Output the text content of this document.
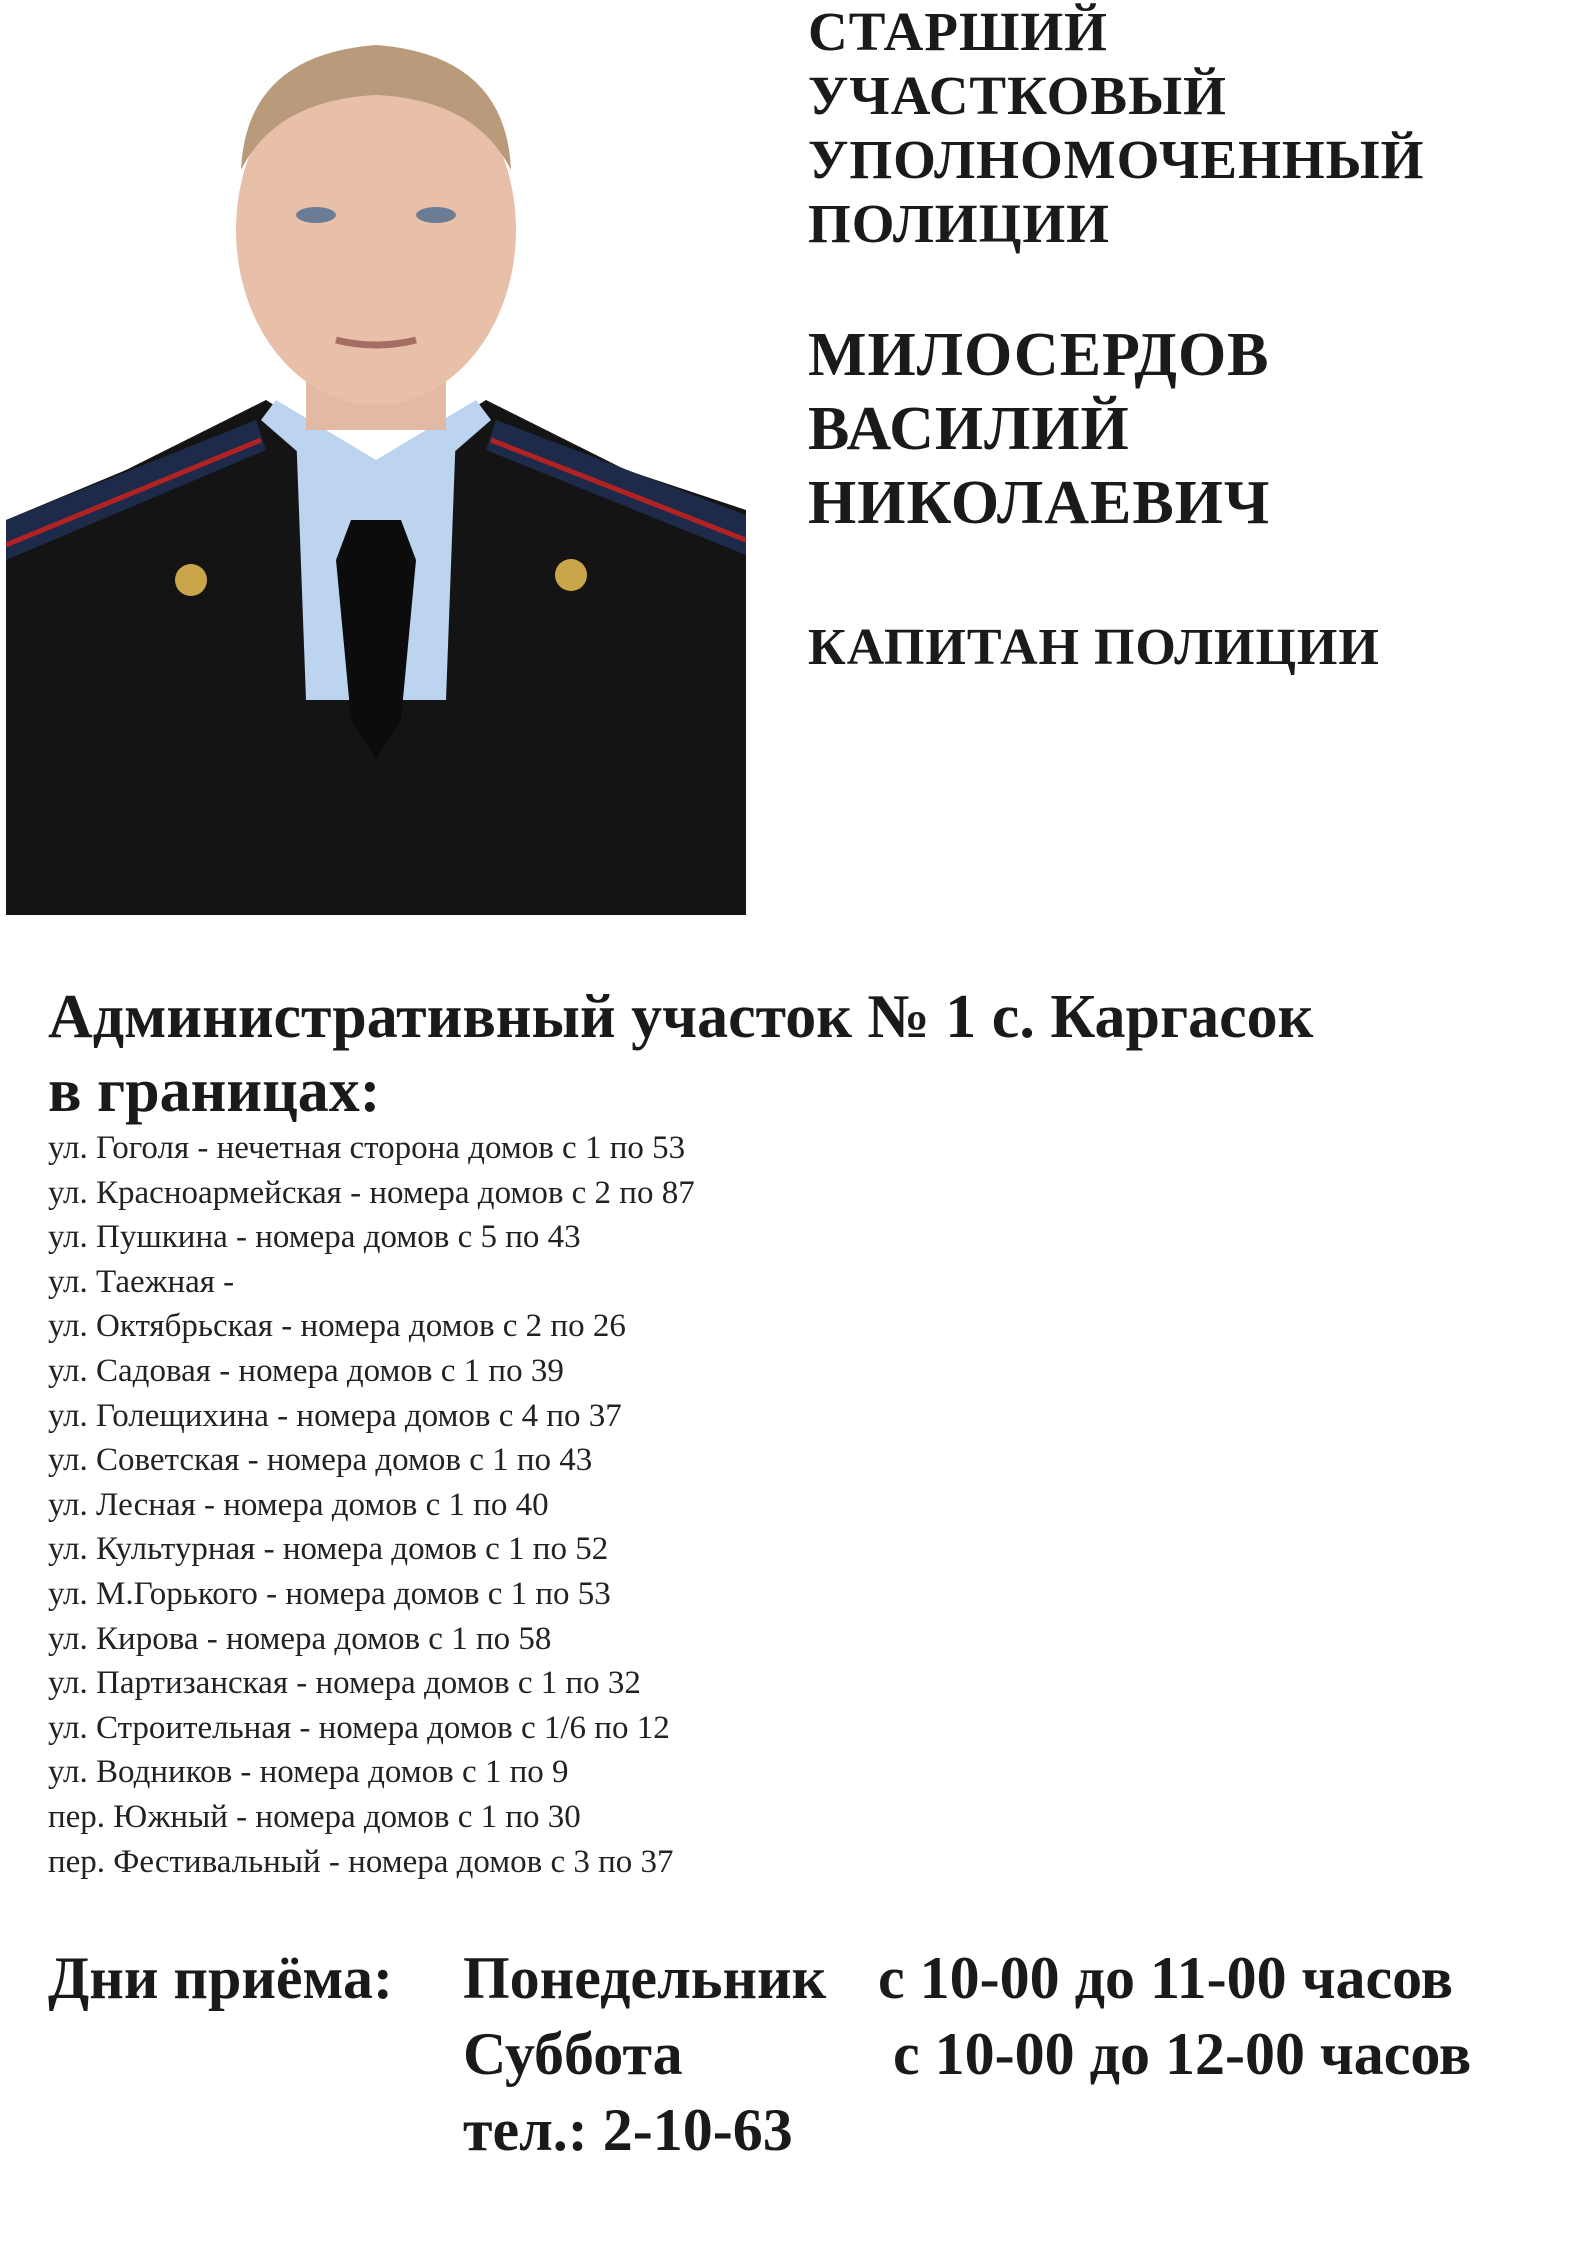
СТАРШИЙ

УЧАСТКОВЫЙ

УПОЛНОМОЧЕННЫЙ

ПОЛИЦИИ

МИЛОСЕРДОВ
ВАСИЛИЙ
НИКОЛАЕВИЧ
КАПИТАН ПОЛИЦИИ
Административный участок № 1 с. Каргасок
в границах:
ул. Гоголя - нечетная сторона домов с 1 по 53
ул. Красноармейская - номера домов с 2 по 87
ул. Пушкина - номера домов с 5 по 43
ул. Таежная -
ул. Октябрьская - номера домов с 2 по 26
ул. Садовая - номера домов с 1 по 39
ул. Голещихина - номера домов с 4 по 37
ул. Советская - номера домов с 1 по 43
ул. Лесная - номера домов с 1 по 40
ул. Культурная - номера домов с 1 по 52
ул. М.Горького - номера домов с 1 по 53
ул. Кирова - номера домов с 1 по 58
ул. Партизанская - номера домов с 1 по 32
ул. Строительная - номера домов с 1/6 по 12
ул. Водников - номера домов с 1 по 9
пер. Южный - номера домов с 1 по 30
пер. Фестивальный - номера домов с 3 по 37
Дни приёма: Понедельник с 10-00 до 11-00 часов
Суббота	с 10-00 до 12-00 часов
тел.: 2-10-63
